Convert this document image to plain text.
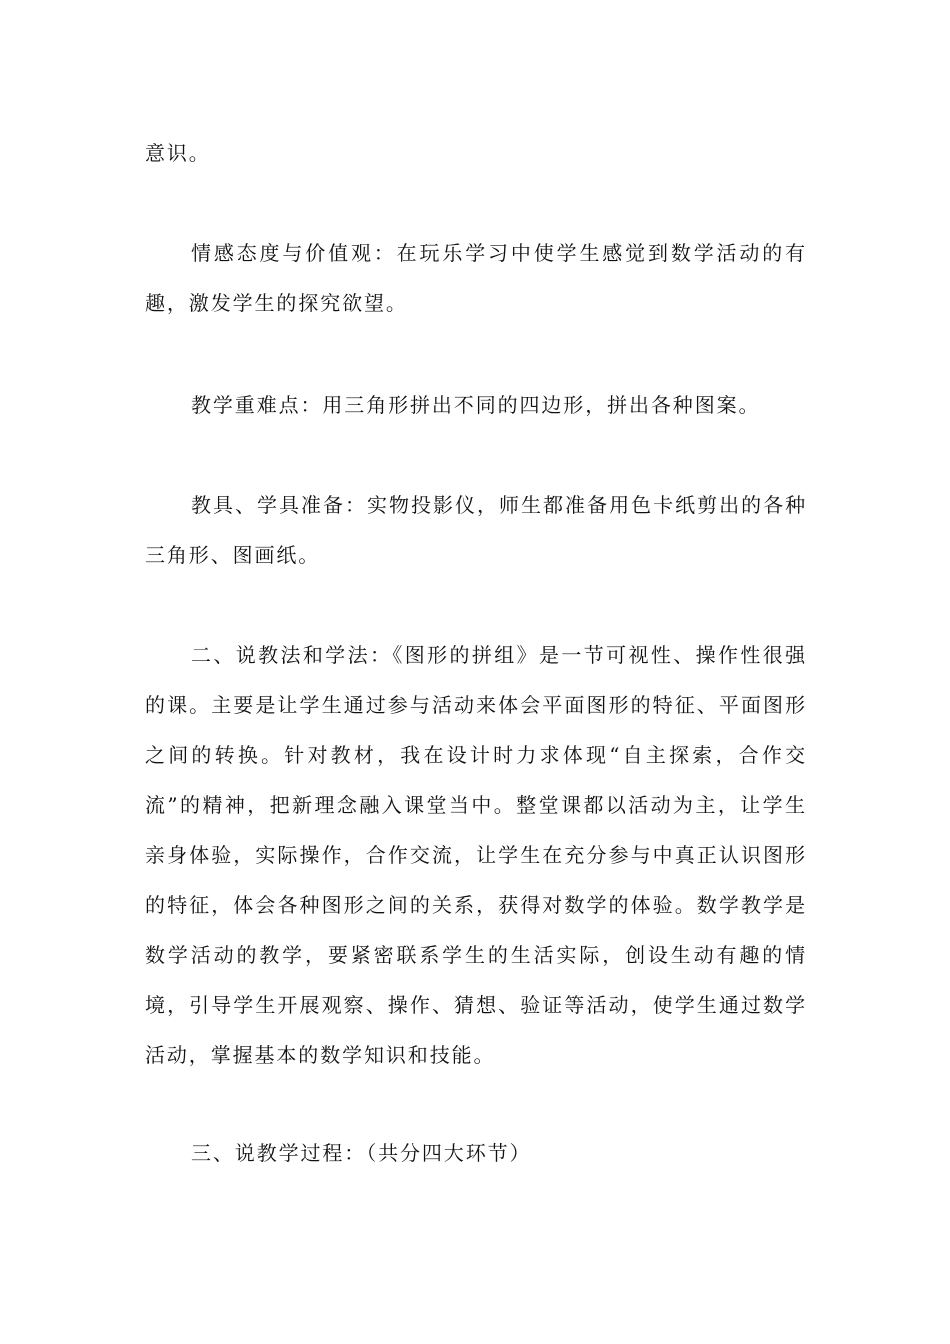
意识。

情感态度与价值观：在玩乐学习中使学生感觉到数学活动的有趣，激发学生的探究欲望。

教学重难点：用三角形拼出不同的四边形，拼出各种图案。

教具、学具准备：实物投影仪，师生都准备用色卡纸剪出的各种三角形、图画纸。

二、说教法和学法：《图形的拼组》是一节可视性、操作性很强的课。主要是让学生通过参与活动来体会平面图形的特征、平面图形之间的转换。针对教材，我在设计时力求体现“自主探索，合作交流”的精神，把新理念融入课堂当中。整堂课都以活动为主，让学生亲身体验，实际操作，合作交流，让学生在充分参与中真正认识图形的特征，体会各种图形之间的关系，获得对数学的体验。数学教学是数学活动的教学，要紧密联系学生的生活实际，创设生动有趣的情境，引导学生开展观察、操作、猜想、验证等活动，使学生通过数学活动，掌握基本的数学知识和技能。

三、说教学过程：（共分四大环节）
